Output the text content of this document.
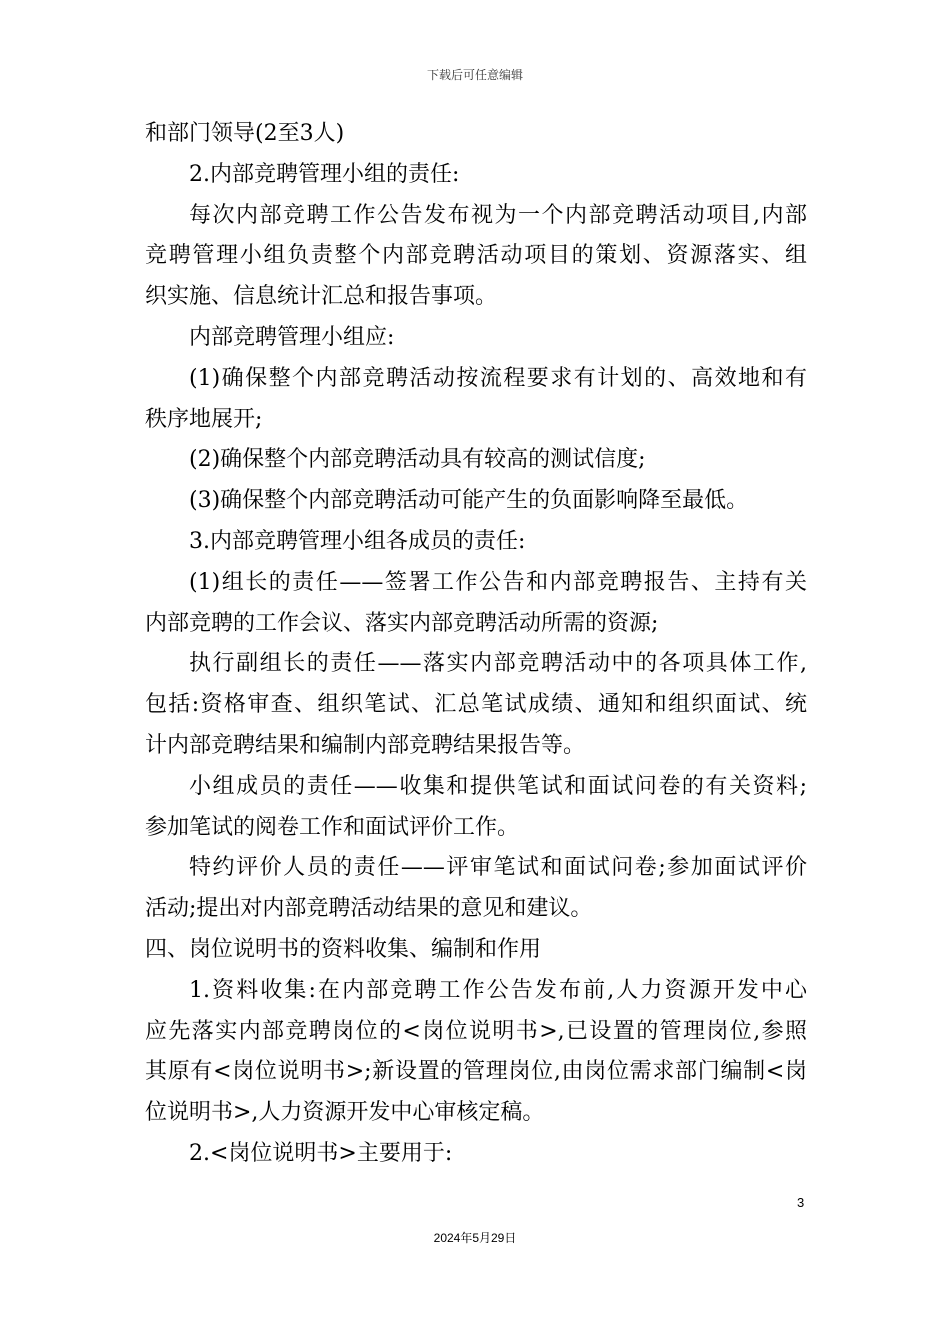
下载后可任意编辑
和部门领导(2至3人)
2.内部竞聘管理小组的责任:
每次内部竞聘工作公告发布视为一个内部竞聘活动项目,内部
竞聘管理小组负责整个内部竞聘活动项目的策划、资源落实、组
织实施、信息统计汇总和报告事项。
内部竞聘管理小组应:
(1)确保整个内部竞聘活动按流程要求有计划的、高效地和有
秩序地展开;
(2)确保整个内部竞聘活动具有较高的测试信度;
(3)确保整个内部竞聘活动可能产生的负面影响降至最低。
3.内部竞聘管理小组各成员的责任:
(1)组长的责任——签署工作公告和内部竞聘报告、主持有关
内部竞聘的工作会议、落实内部竞聘活动所需的资源;
执行副组长的责任——落实内部竞聘活动中的各项具体工作,
包括:资格审查、组织笔试、汇总笔试成绩、通知和组织面试、统
计内部竞聘结果和编制内部竞聘结果报告等。
小组成员的责任——收集和提供笔试和面试问卷的有关资料;
参加笔试的阅卷工作和面试评价工作。
特约评价人员的责任——评审笔试和面试问卷;参加面试评价
活动;提出对内部竞聘活动结果的意见和建议。
四、岗位说明书的资料收集、编制和作用
1.资料收集:在内部竞聘工作公告发布前,人力资源开发中心
应先落实内部竞聘岗位的<岗位说明书>,已设置的管理岗位,参照
其原有<岗位说明书>;新设置的管理岗位,由岗位需求部门编制<岗
位说明书>,人力资源开发中心审核定稿。
2.<岗位说明书>主要用于:
3
2024年5月29日
